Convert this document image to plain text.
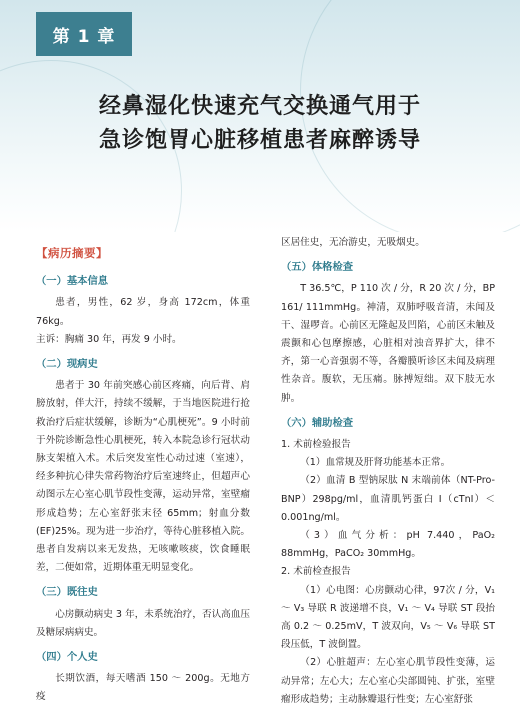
第 1 章
经鼻湿化快速充气交换通气用于
急诊饱胃心脏移植患者麻醉诱导
【病历摘要】
（一）基本信息

患者，男性，62 岁，身高 172cm，体重 76kg。

主诉：胸痛 30 年，再发 9 小时。

（二）现病史

患者于 30 年前突感心前区疼痛，向后背、肩膀放射，伴大汗，持续不缓解，于当地医院进行抢救治疗后症状缓解，诊断为“心肌梗死”。9 小时前于外院诊断急性心肌梗死，转入本院急诊行冠状动脉支架植入术。术后突发室性心动过速（室速），经多种抗心律失常药物治疗后室速终止，但超声心动图示左心室心肌节段性变薄，运动异常，室壁瘤形成趋势；左心室舒张末径 65mm；射血分数(EF)25%。现为进一步治疗，等待心脏移植入院。患者自发病以来无发热，无咳嗽咳痰，饮食睡眠差，二便如常，近期体重无明显变化。

（三）既往史

心房颤动病史 3 年，未系统治疗，否认高血压及糖尿病病史。

（四）个人史

长期饮酒，每天嗜酒 150 ～ 200g。无地方疫

区居住史，无冶游史，无吸烟史。

（五）体格检查

T 36.5℃，P 110 次 / 分，R 20 次 / 分，BP 161/ 111mmHg。神清，双肺呼吸音清，未闻及干、湿啰音。心前区无隆起及凹陷，心前区未触及震颤和心包摩擦感，心脏相对浊音界扩大，律不齐，第一心音强弱不等，各瓣膜听诊区未闻及病理性杂音。腹软，无压痛。脉搏短绌。双下肢无水肿。

（六）辅助检查

1. 术前检验报告

（1）血常规及肝肾功能基本正常。

（2）血清 B 型钠尿肽 N 末端前体（NT-Pro-BNP）298pg/ml，血清肌钙蛋白 I（cTnI）＜ 0.001ng/ml。

（3）血气分析：pH 7.440，PaO₂ 88mmHg，PaCO₂ 30mmHg。

2. 术前检查报告

（1）心电图：心房颤动心律，97次 / 分，V₁ ～ V₃ 导联 R 波递增不良，V₁ ～ V₄ 导联 ST 段抬高 0.2 ～ 0.25mV，T 波双向，V₅ ～ V₆ 导联 ST 段压低，T 波倒置。

（2）心脏超声：左心室心肌节段性变薄，运动异常；左心大；左心室心尖部圆钝、扩张，室壁瘤形成趋势；主动脉瓣退行性变；左心室舒张
